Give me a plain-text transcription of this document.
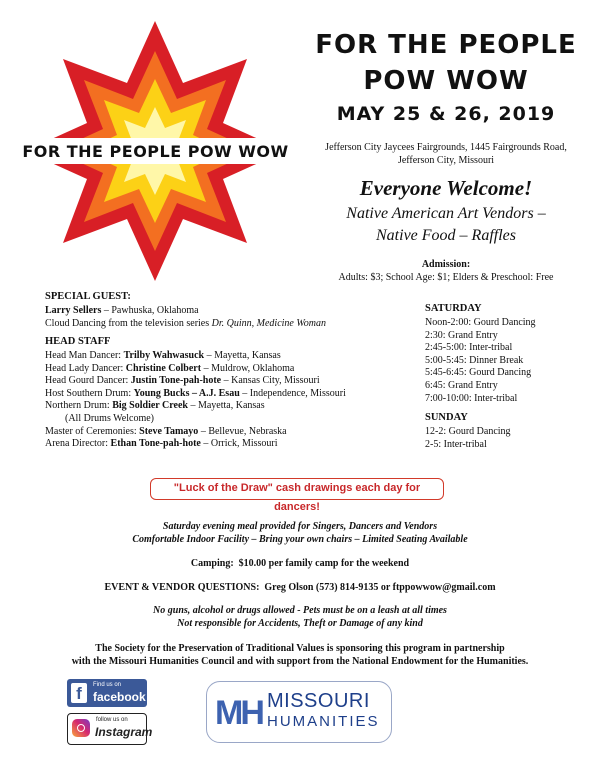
FOR THE PEOPLE POW WOW
FOR THE PEOPLE
POW WOW
MAY 25 & 26, 2019
Jefferson City Jaycees Fairgrounds, 1445 Fairgrounds Road,
Jefferson City, Missouri
Everyone Welcome!
Native American Art Vendors –
Native Food – Raffles
Admission:
Adults: $3; School Age: $1; Elders & Preschool: Free
SPECIAL GUEST:
Larry Sellers – Pawhuska, Oklahoma
Cloud Dancing from the television series Dr. Quinn, Medicine Woman
HEAD STAFF
Head Man Dancer: Trilby Wahwasuck – Mayetta, Kansas
Head Lady Dancer: Christine Colbert – Muldrow, Oklahoma
Head Gourd Dancer: Justin Tone-pah-hote – Kansas City, Missouri
Host Southern Drum: Young Bucks – A.J. Esau – Independence, Missouri
Northern Drum: Big Soldier Creek – Mayetta, Kansas
(All Drums Welcome)
Master of Ceremonies: Steve Tamayo – Bellevue, Nebraska
Arena Director: Ethan Tone-pah-hote – Orrick, Missouri
SATURDAY
Noon-2:00: Gourd Dancing
2:30: Grand Entry
2:45-5:00: Inter-tribal
5:00-5:45: Dinner Break
5:45-6:45: Gourd Dancing
6:45: Grand Entry
7:00-10:00: Inter-tribal
SUNDAY
12-2: Gourd Dancing
2-5: Inter-tribal
"Luck of the Draw" cash drawings each day for dancers!
Saturday evening meal provided for Singers, Dancers and Vendors
Comfortable Indoor Facility – Bring your own chairs – Limited Seating Available
Camping: $10.00 per family camp for the weekend
EVENT & VENDOR QUESTIONS: Greg Olson (573) 814-9135 or ftppowwow@gmail.com
No guns, alcohol or drugs allowed - Pets must be on a leash at all times
Not responsible for Accidents, Theft or Damage of any kind
The Society for the Preservation of Traditional Values is sponsoring this program in partnership
with the Missouri Humanities Council and with support from the National Endowment for the Humanities.
f	Find us on
facebook
follow us on
Instagram MH MISSOURI
HUMANITIES
